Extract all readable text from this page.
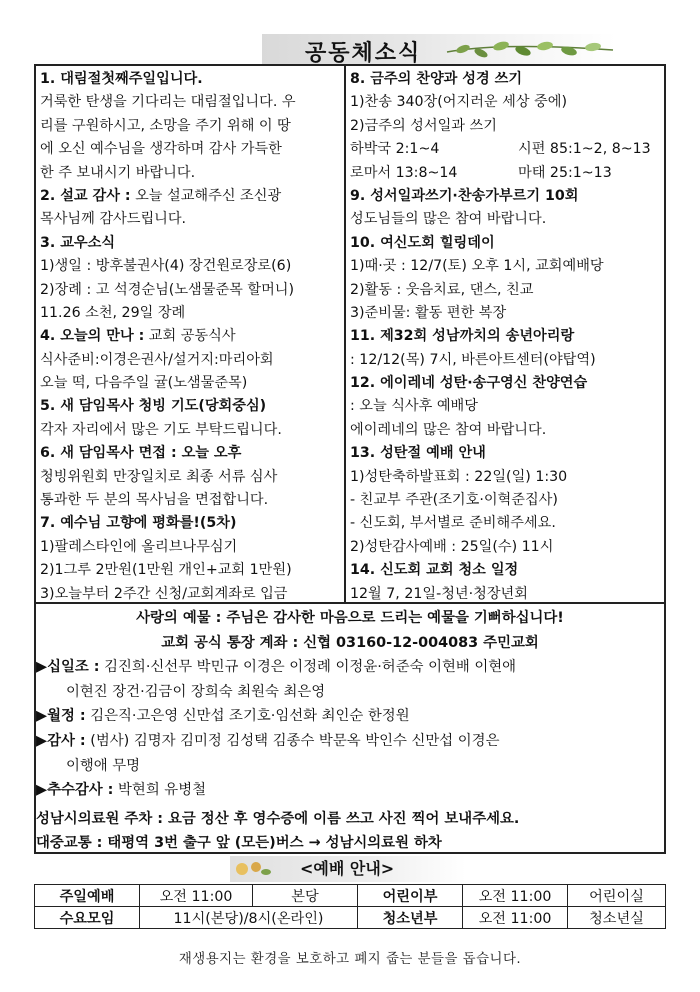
공동체소식
1. 대림절첫째주일입니다.
거룩한 탄생을 기다리는 대림절입니다. 우
리를 구원하시고, 소망을 주기 위해 이 땅
에 오신 예수님을 생각하며 감사 가득한
한 주 보내시기 바랍니다.
2. 설교 감사 : 오늘 설교해주신 조신광
목사님께 감사드립니다.
3. 교우소식
1)생일 : 방후불권사(4) 장건원로장로(6)
2)장례 : 고 석경순님(노샘물준목 할머니)
11.26 소천, 29일 장례
4. 오늘의 만나 : 교회 공동식사
식사준비:이경은권사/설거지:마리아회
오늘 떡, 다음주일 귤(노샘물준목)
5. 새 담임목사 청빙 기도(당회중심)
각자 자리에서 많은 기도 부탁드립니다.
6. 새 담임목사 면접 : 오늘 오후
청빙위원회 만장일치로 최종 서류 심사
통과한 두 분의 목사님을 면접합니다.
7. 예수님 고향에 평화를!(5차)
1)팔레스타인에 올리브나무심기
2)1그루 2만원(1만원 개인+교회 1만원)
3)오늘부터 2주간 신청/교회계좌로 입금
8. 금주의 찬양과 성경 쓰기
1)찬송 340장(어지러운 세상 중에)
2)금주의 성서일과 쓰기
하박국 2:1~4	시편 85:1~2, 8~13
로마서 13:8~14	마태 25:1~13
9. 성서일과쓰기·찬송가부르기 10회
성도님들의 많은 참여 바랍니다.
10. 여신도회 힐링데이
1)때·곳 : 12/7(토) 오후 1시, 교회예배당
2)활동 : 웃음치료, 댄스, 친교
3)준비물: 활동 편한 복장
11. 제32회 성남까치의 송년아리랑
: 12/12(목) 7시, 바른아트센터(야탑역)
12. 에이레네 성탄·송구영신 찬양연습
: 오늘 식사후 예배당
에이레네의 많은 참여 바랍니다.
13. 성탄절 예배 안내
1)성탄축하발표회 : 22일(일) 1:30
- 친교부 주관(조기호·이혁준집사)
- 신도회, 부서별로 준비해주세요.
2)성탄감사예배 : 25일(수) 11시
14. 신도회 교회 청소 일정
12월 7, 21일-청년·청장년회
사랑의 예물 : 주님은 감사한 마음으로 드리는 예물을 기뻐하십니다!
교회 공식 통장 계좌 : 신협 03160-12-004083 주민교회
▶십일조 : 김진희·신선무 박민규 이경은 이정례 이정윤·허준숙 이현배 이현애
이현진 장건·김금이 장희숙 최원숙 최은영
▶월정 : 김은직·고은영 신만섭 조기호·임선화 최인순 한정원
▶감사 : (범사) 김명자 김미정 김성택 김종수 박문옥 박인수 신만섭 이경은
이행애 무명
▶추수감사 : 박현희 유병철
성남시의료원 주차 : 요금 정산 후 영수증에 이름 쓰고 사진 찍어 보내주세요.
대중교통 : 태평역 3번 출구 앞 (모든)버스 → 성남시의료원 하차
<예배 안내>
주일예배	오전 11:00	본당	어린이부	오전 11:00	어린이실
수요모임	11시(본당)/8시(온라인)		청소년부	오전 11:00	청소년실
재생용지는 환경을 보호하고 폐지 줍는 분들을 돕습니다.
